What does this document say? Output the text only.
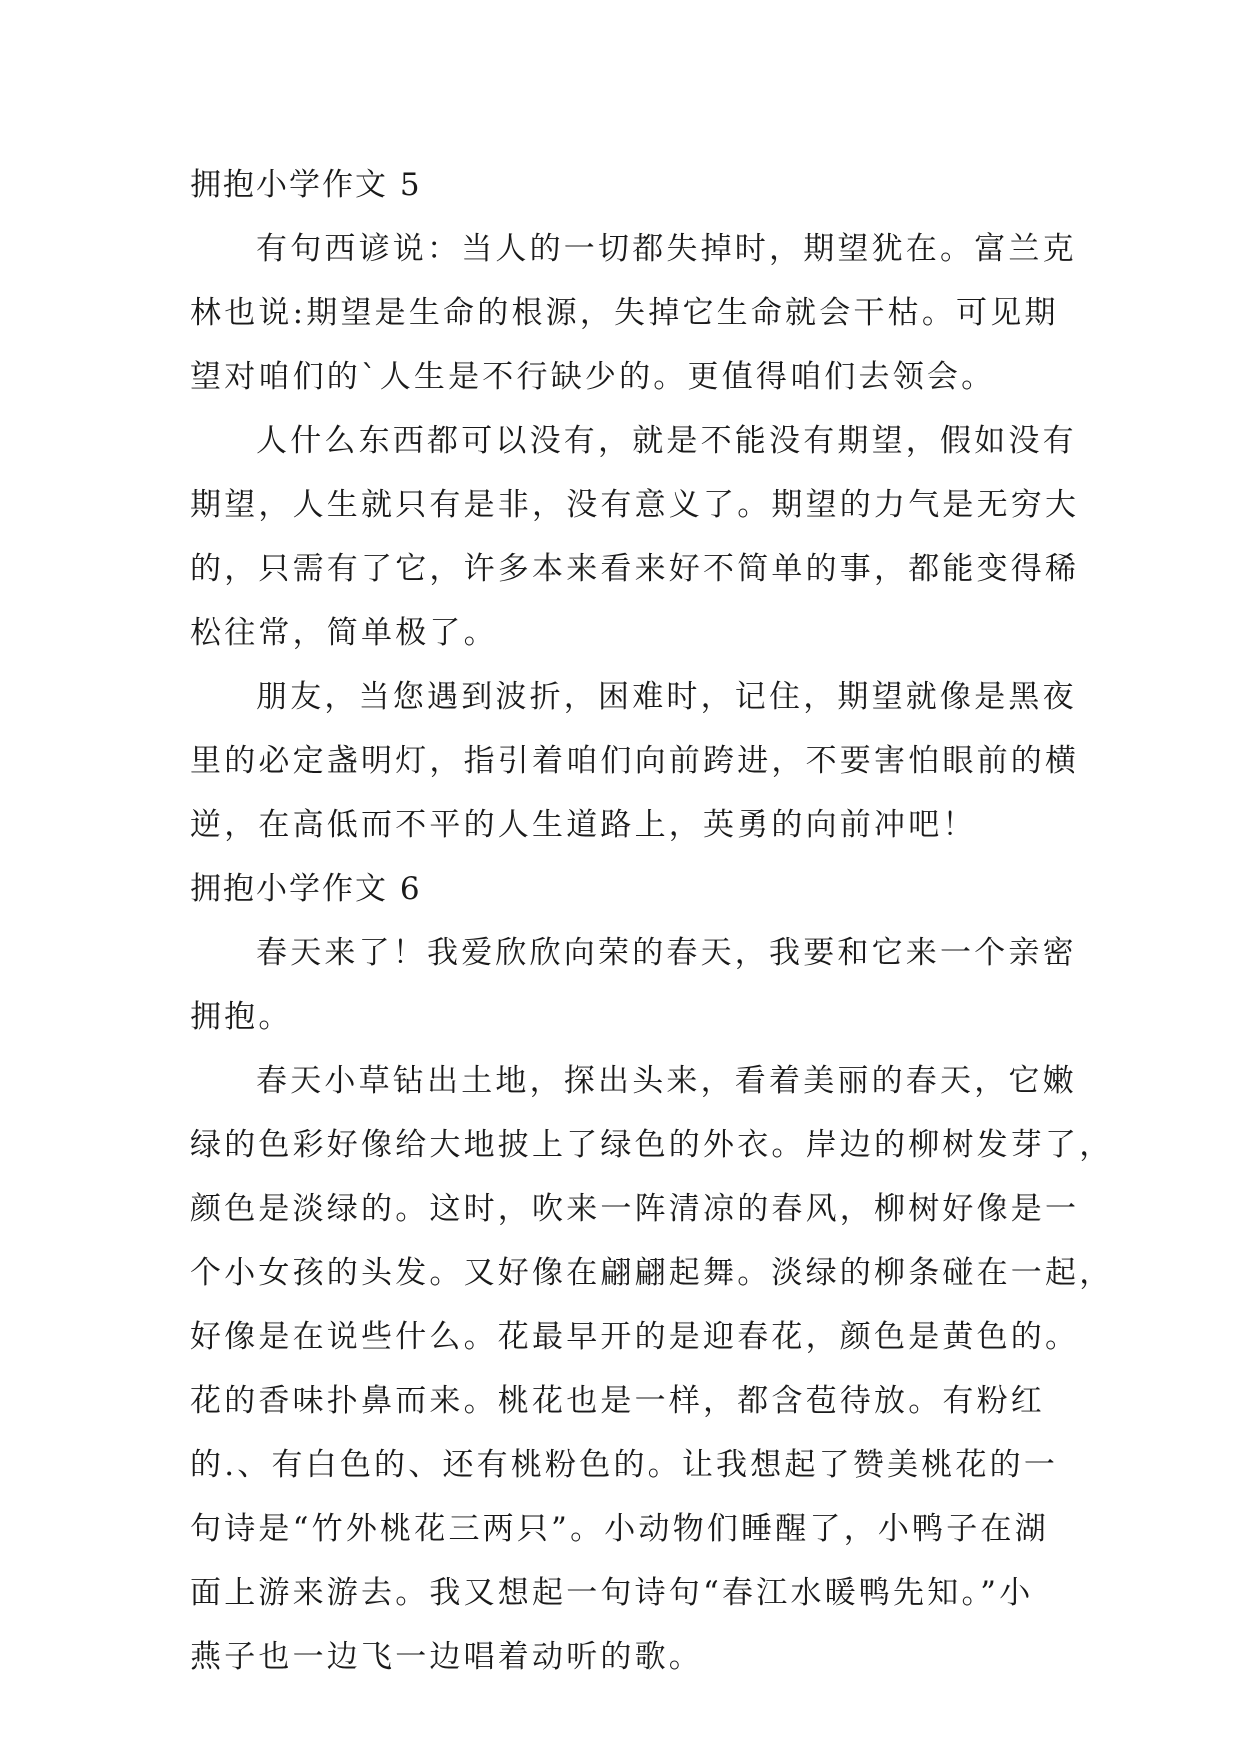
拥抱小学作文 5
有句西谚说：当人的一切都失掉时，期望犹在。富兰克
林也说:期望是生命的根源，失掉它生命就会干枯。可见期
望对咱们的`人生是不行缺少的。更值得咱们去领会。
人什么东西都可以没有，就是不能没有期望，假如没有
期望，人生就只有是非，没有意义了。期望的力气是无穷大
的，只需有了它，许多本来看来好不简单的事，都能变得稀
松往常，简单极了。
朋友，当您遇到波折，困难时，记住，期望就像是黑夜
里的必定盏明灯，指引着咱们向前跨进，不要害怕眼前的横
逆，在高低而不平的人生道路上，英勇的向前冲吧！
拥抱小学作文 6
春天来了！我爱欣欣向荣的春天，我要和它来一个亲密
拥抱。
春天小草钻出土地，探出头来，看着美丽的春天，它嫩
绿的色彩好像给大地披上了绿色的外衣。岸边的柳树发芽了，
颜色是淡绿的。这时，吹来一阵清凉的春风，柳树好像是一
个小女孩的头发。又好像在翩翩起舞。淡绿的柳条碰在一起，
好像是在说些什么。花最早开的是迎春花，颜色是黄色的。
花的香味扑鼻而来。桃花也是一样，都含苞待放。有粉红
的.、有白色的、还有桃粉色的。让我想起了赞美桃花的一
句诗是“竹外桃花三两只”。小动物们睡醒了，小鸭子在湖
面上游来游去。我又想起一句诗句“春江水暖鸭先知。”小
燕子也一边飞一边唱着动听的歌。
